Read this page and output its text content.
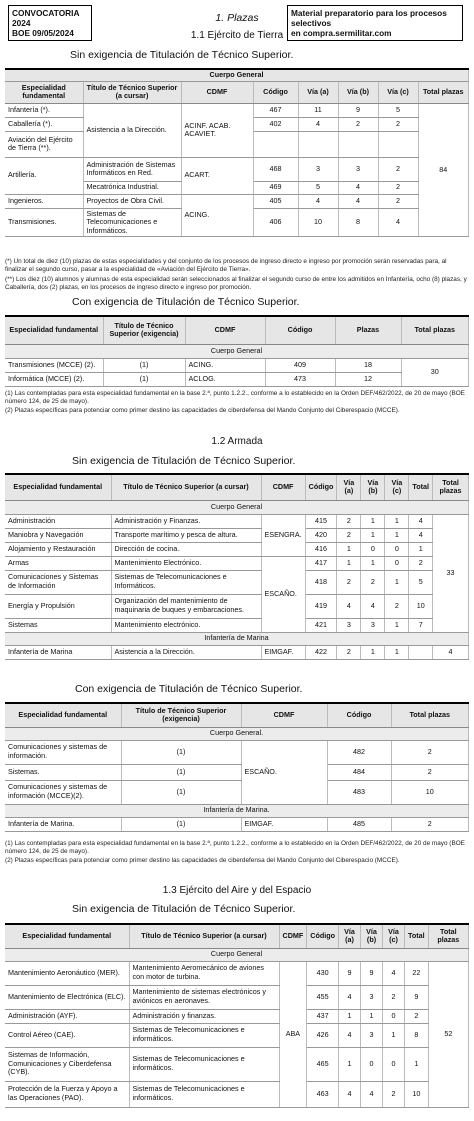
CONVOCATORIA 2024
BOE 09/05/2024
Material preparatorio para los procesos selectivos
en compra.sermilitar.com
1. Plazas
1.1 Ejército de Tierra
Sin exigencia de Titulación de Técnico Superior.
Cuerpo General							
Especialidad fundamental	Título de Técnico Superior (a cursar)	CDMF	Código	Vía (a)	Vía (b)	Vía (c)	Total plazas
Infantería (*).	Asistencia a la Dirección.	ACINF. ACAB. ACAVIET.	467	11	9	5	84
Caballería (*).			402	4	2	2	
Aviación del Ejército de Tierra (**).							
Artillería.	Administración de Sistemas Informáticos en Red.	ACART.	468	3	3	2	
	Mecatrónica Industrial.		469	5	4	2	
Ingenieros.	Proyectos de Obra Civil.	ACING.	405	4	4	2	
Transmisiones.	Sistemas de Telecomunicaciones e Informáticos.		406	10	8	4	
(*) Un total de diez (10) plazas de estas especialidades y del conjunto de los procesos de ingreso directo e ingreso por promoción serán reservadas para, al finalizar el segundo curso, pasar a la especialidad de «Aviación del Ejército de Tierra».
(**) Los diez (10) alumnos y alumnas de esta especialidad serán seleccionados al finalizar el segundo curso de entre los admitidos en Infantería, ocho (8) plazas, y Caballería, dos (2) plazas, en los procesos de ingreso directo e ingreso por promoción.
Con exigencia de Titulación de Técnico Superior.
Especialidad fundamental	Título de Técnico Superior (exigencia)	CDMF	Código	Plazas	Total plazas
Cuerpo General					
Transmisiones (MCCE) (2).	(1)	ACING.	409	18	30
Informática (MCCE) (2).	(1)	ACLOG.	473	12	
(1) Las contempladas para esta especialidad fundamental en la base 2.ª, punto 1.2.2., conforme a lo establecido en la Orden DEF/462/2022, de 20 de mayo (BOE número 124, de 25 de mayo).
(2) Plazas específicas para potenciar como primer destino las capacidades de ciberdefensa del Mando Conjunto del Ciberespacio (MCCE).
1.2 Armada
Sin exigencia de Titulación de Técnico Superior.
Especialidad fundamental	Título de Técnico Superior (a cursar)	CDMF	Código	Vía (a)	Vía (b)	Vía (c)	Total	Total plazas
Cuerpo General								
Administración	Administración y Finanzas.	ESENGRA.	415	2	1	1	4	33
Maniobra y Navegación	Transporte marítimo y pesca de altura.		420	2	1	1	4	
Alojamiento y Restauración	Dirección de cocina.		416	1	0	0	1	
Armas	Mantenimiento Electrónico.	ESCAÑO.	417	1	1	0	2	
Comunicaciones y Sistemas de Información	Sistemas de Telecomunicaciones e Informáticos.		418	2	2	1	5	
Energía y Propulsión	Organización del mantenimiento de maquinaria de buques y embarcaciones.		419	4	4	2	10	
Sistemas	Mantenimiento electrónico.		421	3	3	1	7	
Infantería de Marina								
Infantería de Marina	Asistencia a la Dirección.	EIMGAF.	422	2	1	1		4
Con exigencia de Titulación de Técnico Superior.
Especialidad fundamental	Título de Técnico Superior (exigencia)	CDMF	Código	Total plazas
Cuerpo General.				
Comunicaciones y sistemas de información.	(1)	ESCAÑO.	482	2
Sistemas.	(1)		484	2
Comunicaciones y sistemas de información (MCCE)(2).	(1)		483	10
Infantería de Marina.				
Infantería de Marina.	(1)	EIMGAF.	485	2
(1) Las contempladas para esta especialidad fundamental en la base 2.ª, punto 1.2.2., conforme a lo establecido en la Orden DEF/462/2022, de 20 de mayo (BOE número 124, de 25 de mayo).
(2) Plazas específicas para potenciar como primer destino las capacidades de ciberdefensa del Mando Conjunto del Ciberespacio (MCCE).
1.3 Ejército del Aire y del Espacio
Sin exigencia de Titulación de Técnico Superior.
Especialidad fundamental	Título de Técnico Superior (a cursar)	CDMF	Código	Vía (a)	Vía (b)	Vía (c)	Total	Total plazas
Cuerpo General								
Mantenimiento Aeronáutico (MER).	Mantenimiento Aeromecánico de aviones con motor de turbina.	ABA	430	9	9	4	22	52
Mantenimiento de Electrónica (ELC).	Mantenimiento de sistemas electrónicos y aviónicos en aeronaves.		455	4	3	2	9	
Administración (AYF).	Administración y finanzas.		437	1	1	0	2	
Control Aéreo (CAE).	Sistemas de Telecomunicaciones e informáticos.		426	4	3	1	8	
Sistemas de Información, Comunicaciones y Ciberdefensa (CYB).	Sistemas de Telecomunicaciones e informáticos.		465	1	0	0	1	
Protección de la Fuerza y Apoyo a las Operaciones (PAO).	Sistemas de Telecomunicaciones e informáticos.		463	4	4	2	10	
